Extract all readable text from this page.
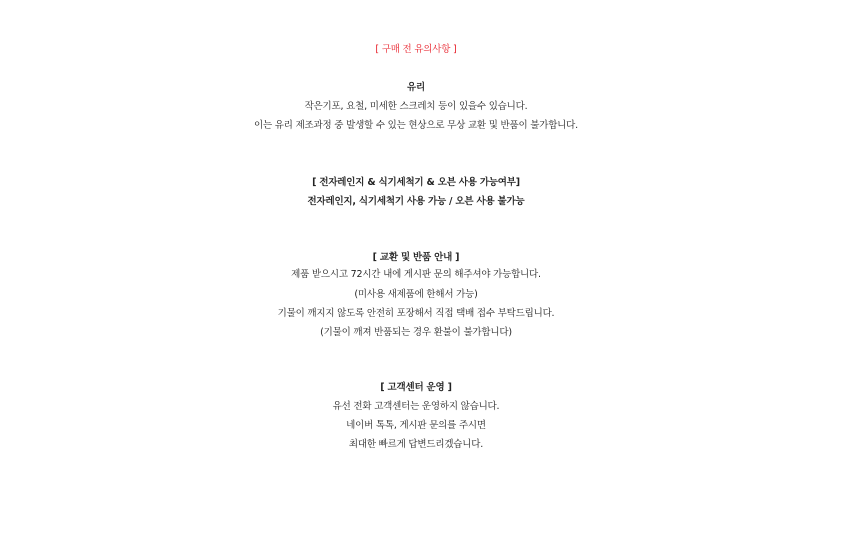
[ 구매 전 유의사항 ]
유리
작은기포, 요철, 미세한 스크레치 등이 있을수 있습니다.
이는 유리 제조과정 중 발생할 수 있는 현상으로 무상 교환 및 반품이 불가합니다.
[ 전자레인지 & 식기세척기 & 오븐 사용 가능여부]
전자레인지, 식기세척기 사용 가능 / 오븐 사용 불가능
[ 교환 및 반품 안내 ]
제품 받으시고 72시간 내에 게시판 문의 해주셔야 가능합니다.
(미사용 새제품에 한해서 가능)
기물이 깨지지 않도록 안전히 포장해서 직접 택배 접수 부탁드립니다.
(기물이 깨져 반품되는 경우 환불이 불가합니다)
[ 고객센터 운영 ]
유선 전화 고객센터는 운영하지 않습니다.
네이버 톡톡, 게시판 문의를 주시면
최대한 빠르게 답변드리겠습니다.
